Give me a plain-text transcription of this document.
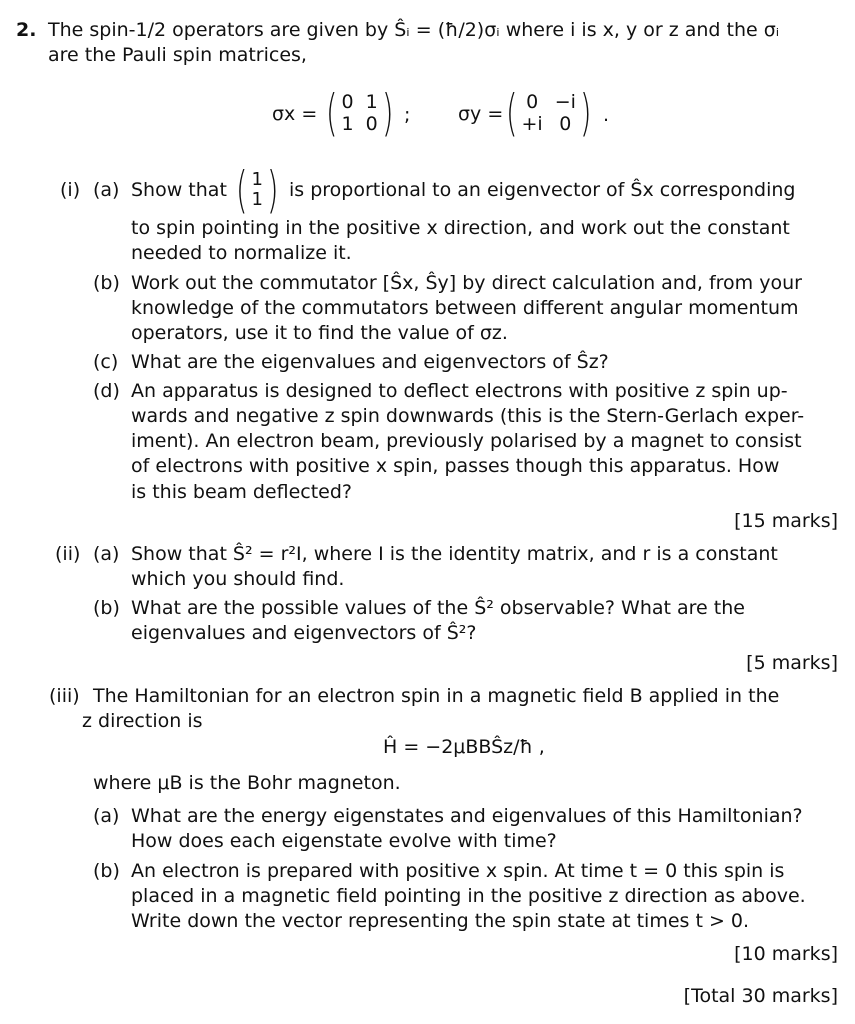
2. The spin-1/2 operators are given by Ŝᵢ = (ħ/2)σᵢ where i is x, y or z and the σᵢ
are the Pauli spin matrices,
σx = ( 0 1
1 0 ) ;	σy = ( 0 −i
+i 0 ) .
(i) (a) Show that ( 1
1 ) is proportional to an eigenvector of Ŝx corresponding
to spin pointing in the positive x direction, and work out the constant
needed to normalize it.
(b) Work out the commutator [Ŝx, Ŝy] by direct calculation and, from your
knowledge of the commutators between different angular momentum
operators, use it to find the value of σz.
(c) What are the eigenvalues and eigenvectors of Ŝz?
(d) An apparatus is designed to deflect electrons with positive z spin up-
wards and negative z spin downwards (this is the Stern-Gerlach exper-
iment). An electron beam, previously polarised by a magnet to consist
of electrons with positive x spin, passes though this apparatus. How
is this beam deflected?
[15 marks]
(ii) (a) Show that Ŝ² = r²I, where I is the identity matrix, and r is a constant
which you should find.
(b) What are the possible values of the Ŝ² observable? What are the
eigenvalues and eigenvectors of Ŝ²?
[5 marks]
(iii) The Hamiltonian for an electron spin in a magnetic field B applied in the
z direction is
Ĥ = −2μBBŜz/ħ ,
where μB is the Bohr magneton.
(a) What are the energy eigenstates and eigenvalues of this Hamiltonian?
How does each eigenstate evolve with time?
(b) An electron is prepared with positive x spin. At time t = 0 this spin is
placed in a magnetic field pointing in the positive z direction as above.
Write down the vector representing the spin state at times t > 0.
[10 marks]
[Total 30 marks]
